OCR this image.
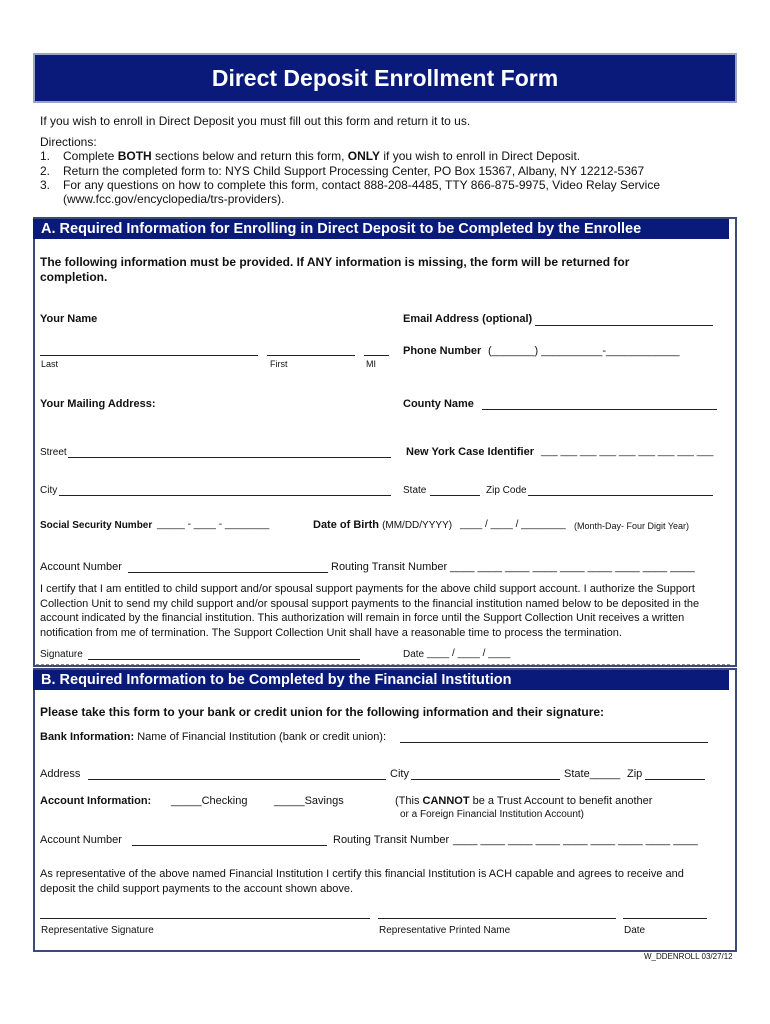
Direct Deposit Enrollment Form
If you wish to enroll in Direct Deposit you must fill out this form and return it to us.
Directions:
1. Complete BOTH sections below and return this form, ONLY if you wish to enroll in Direct Deposit.
2. Return the completed form to: NYS Child Support Processing Center, PO Box 15367, Albany, NY 12212-5367
3. For any questions on how to complete this form, contact 888-208-4485, TTY 866-875-9975, Video Relay Service
(www.fcc.gov/encyclopedia/trs-providers).
A. Required Information for Enrolling in Direct Deposit to be Completed by the Enrollee
The following information must be provided. If ANY information is missing, the form will be returned for
completion.
Your Name	Email Address (optional)
Phone Number (_______) __________-____________
Last	First	MI
Your Mailing Address:	County Name
Street	New York Case Identifier ___ ___ ___ ___ ___ ___ ___ ___ ___
City	State	Zip Code
Social Security Number _____ - ____ - ________	Date of Birth (MM/DD/YYYY) ____ / ____ / ________ (Month-Day- Four Digit Year)
Account Number	Routing Transit Number ____ ____ ____ ____ ____ ____ ____ ____ ____
I certify that I am entitled to child support and/or spousal support payments for the above child support account. I authorize the Support
Collection Unit to send my child support and/or spousal support payments to the financial institution named below to be deposited in the
account indicated by the financial institution. This authorization will remain in force until the Support Collection Unit receives a written
notification from me of termination. The Support Collection Unit shall have a reasonable time to process the termination.
Signature	Date ____ / ____ / ____
B. Required Information to be Completed by the Financial Institution
Please take this form to your bank or credit union for the following information and their signature:
Bank Information: Name of Financial Institution (bank or credit union):
Address	City	State_____ Zip
Account Information: _____Checking _____Savings	(This CANNOT be a Trust Account to benefit another
or a Foreign Financial Institution Account)
Account Number	Routing Transit Number ____ ____ ____ ____ ____ ____ ____ ____ ____
As representative of the above named Financial Institution I certify this financial Institution is ACH capable and agrees to receive and
deposit the child support payments to the account shown above.
Representative Signature	Representative Printed Name	Date
W_DDENROLL 03/27/12
